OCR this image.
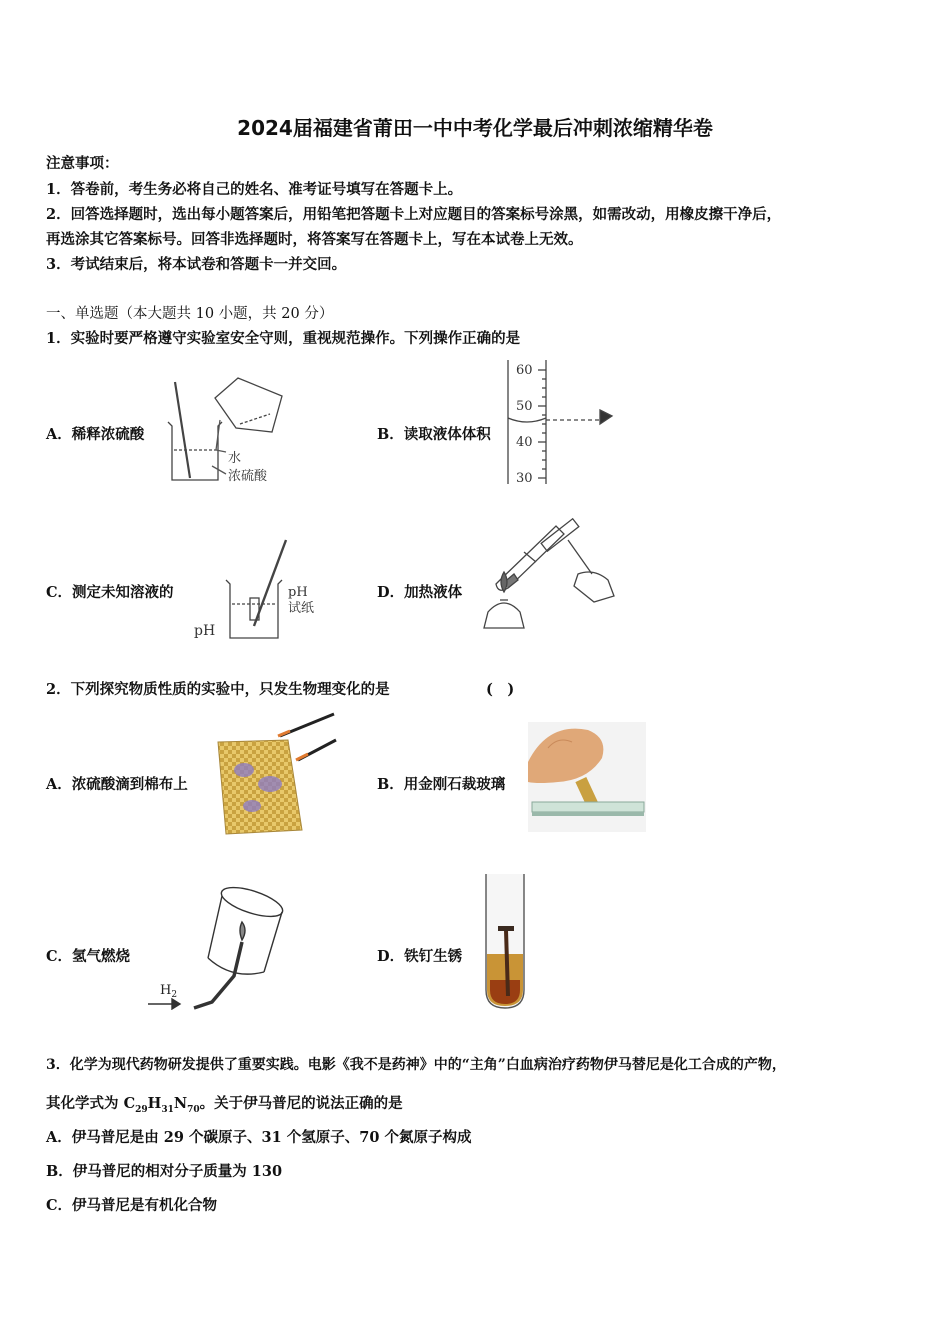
2024届福建省莆田一中中考化学最后冲刺浓缩精华卷
注意事项：
1．答卷前，考生务必将自己的姓名、准考证号填写在答题卡上。
2．回答选择题时，选出每小题答案后，用铅笔把答题卡上对应题目的答案标号涂黑，如需改动，用橡皮擦干净后，
再选涂其它答案标号。回答非选择题时，将答案写在答题卡上，写在本试卷上无效。
3．考试结束后，将本试卷和答题卡一并交回。
一、单选题（本大题共 10 小题，共 20 分）
1．实验时要严格遵守实验室安全守则，重视规范操作。下列操作正确的是
A．稀释浓硫酸	B．读取液体体积
C．测定未知溶液的	D．加热液体
水
浓硫酸
60
50
40
30
pH
试纸
pH
2．下列探究物质性质的实验中，只发生物理变化的是	(　)
A．浓硫酸滴到棉布上	B．用金刚石裁玻璃
C．氢气燃烧	D．铁钉生锈
$H_2$
3．化学为现代药物研发提供了重要实践。电影《我不是药神》中的“主角”白血病治疗药物伊马替尼是化工合成的产物，
其化学式为 $C_{29}H_{31}N_{70}$。关于伊马普尼的说法正确的是
A．伊马普尼是由 29 个碳原子、31 个氢原子、70 个氮原子构成
B．伊马普尼的相对分子质量为 130
C．伊马普尼是有机化合物
